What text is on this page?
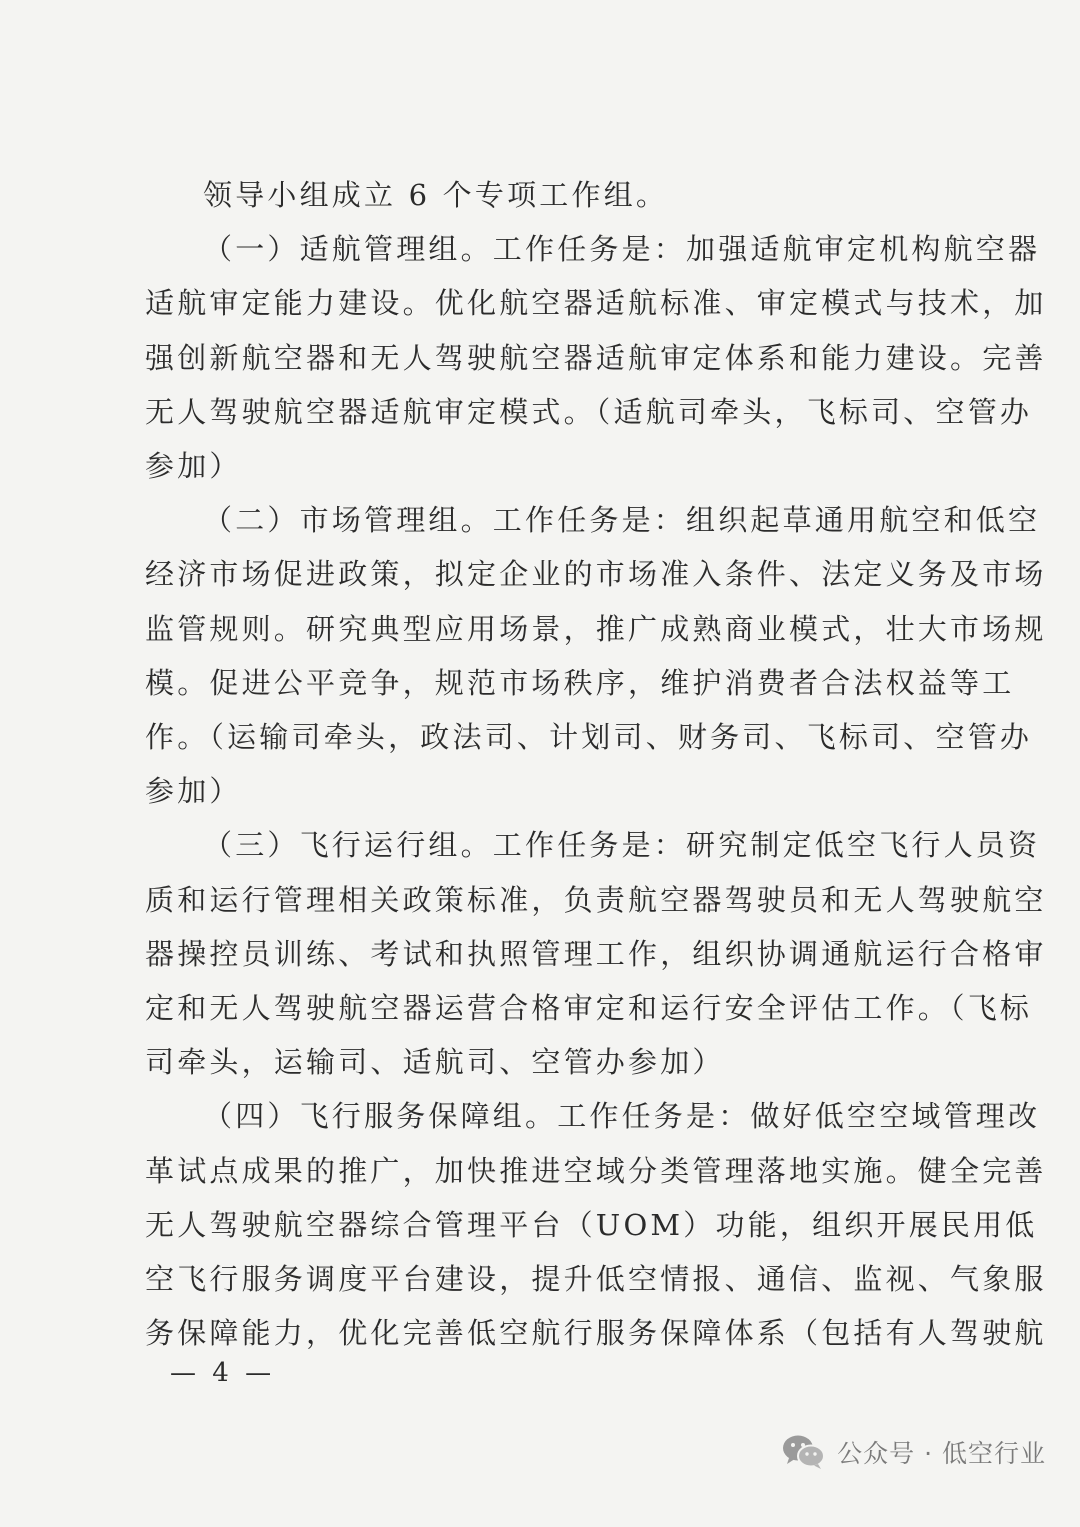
领导小组成立 6 个专项工作组。

（一）适航管理组。工作任务是：加强适航审定机构航空器
适航审定能力建设。优化航空器适航标准、审定模式与技术，加
强创新航空器和无人驾驶航空器适航审定体系和能力建设。完善
无人驾驶航空器适航审定模式。（适航司牵头，飞标司、空管办
参加）

（二）市场管理组。工作任务是：组织起草通用航空和低空
经济市场促进政策，拟定企业的市场准入条件、法定义务及市场
监管规则。研究典型应用场景，推广成熟商业模式，壮大市场规
模。促进公平竞争，规范市场秩序，维护消费者合法权益等工
作。（运输司牵头，政法司、计划司、财务司、飞标司、空管办
参加）

（三）飞行运行组。工作任务是：研究制定低空飞行人员资
质和运行管理相关政策标准，负责航空器驾驶员和无人驾驶航空
器操控员训练、考试和执照管理工作，组织协调通航运行合格审
定和无人驾驶航空器运营合格审定和运行安全评估工作。（飞标
司牵头，运输司、适航司、空管办参加）

（四）飞行服务保障组。工作任务是：做好低空空域管理改
革试点成果的推广，加快推进空域分类管理落地实施。健全完善
无人驾驶航空器综合管理平台（UOM）功能，组织开展民用低
空飞行服务调度平台建设，提升低空情报、通信、监视、气象服
务保障能力，优化完善低空航行服务保障体系（包括有人驾驶航

— 4 —
公众号 · 低空行业
